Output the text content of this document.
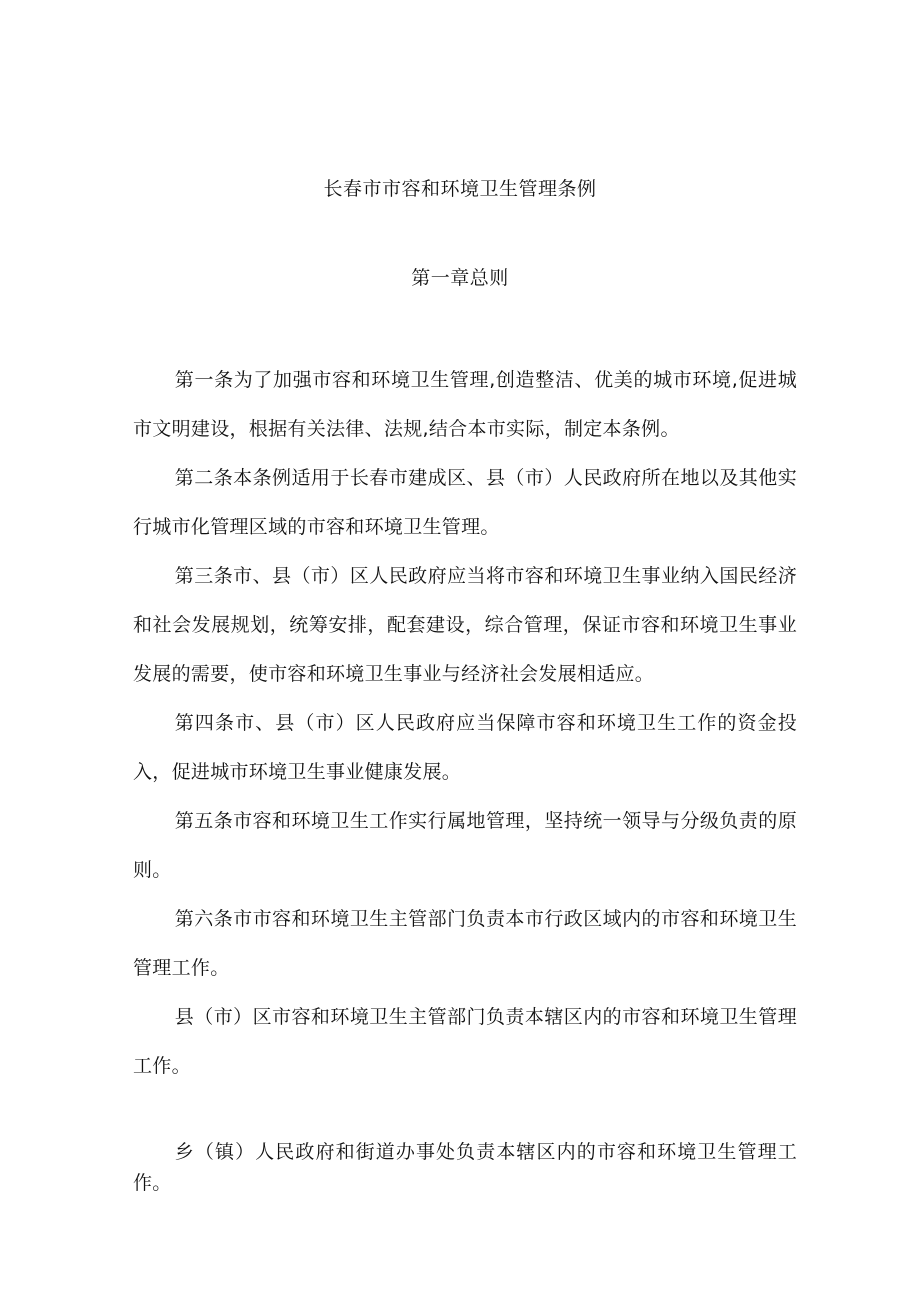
长春市市容和环境卫生管理条例
第一章总则

第一条为了加强市容和环境卫生管理,创造整洁、优美的城市环境,促进城市文明建设，根据有关法律、法规,结合本市实际，制定本条例。

第二条本条例适用于长春市建成区、县（市）人民政府所在地以及其他实行城市化管理区域的市容和环境卫生管理。

第三条市、县（市）区人民政府应当将市容和环境卫生事业纳入国民经济和社会发展规划，统筹安排，配套建设，综合管理，保证市容和环境卫生事业发展的需要，使市容和环境卫生事业与经济社会发展相适应。

第四条市、县（市）区人民政府应当保障市容和环境卫生工作的资金投入，促进城市环境卫生事业健康发展。

第五条市容和环境卫生工作实行属地管理，坚持统一领导与分级负责的原则。

第六条市市容和环境卫生主管部门负责本市行政区域内的市容和环境卫生管理工作。

县（市）区市容和环境卫生主管部门负责本辖区内的市容和环境卫生管理工作。

乡（镇）人民政府和街道办事处负责本辖区内的市容和环境卫生管理工作。
